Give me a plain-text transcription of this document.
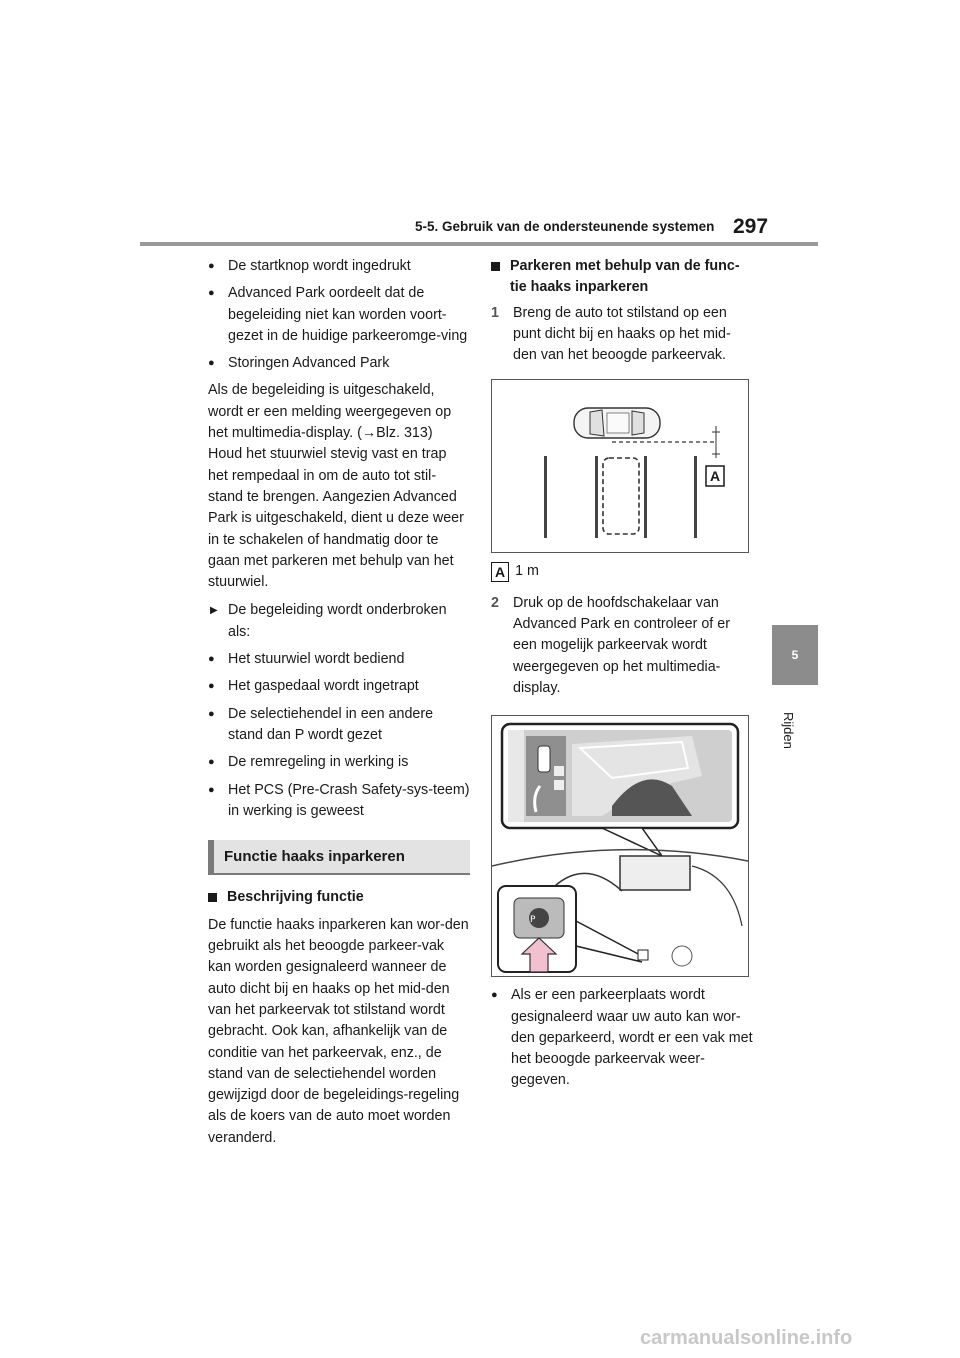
5-5. Gebruik van de ondersteunende systemen 297
5
Rijden

● De startknop wordt ingedrukt

● Advanced Park oordeelt dat de begeleiding niet kan worden voort-gezet in de huidige parkeeromge-ving

● Storingen Advanced Park

Als de begeleiding is uitgeschakeld, wordt er een melding weergegeven op het multimedia-display. (→Blz. 313) Houd het stuurwiel stevig vast en trap het rempedaal in om de auto tot stil-stand te brengen. Aangezien Advanced Park is uitgeschakeld, dient u deze weer in te schakelen of handmatig door te gaan met parkeren met behulp van het stuurwiel.

▶ De begeleiding wordt onderbroken als:

● Het stuurwiel wordt bediend

● Het gaspedaal wordt ingetrapt

● De selectiehendel in een andere stand dan P wordt gezet

● De remregeling in werking is

● Het PCS (Pre-Crash Safety-sys-teem) in werking is geweest

Functie haaks inparkeren

Beschrijving functie

De functie haaks inparkeren kan wor-den gebruikt als het beoogde parkeer-vak kan worden gesignaleerd wanneer de auto dicht bij en haaks op het mid-den van het parkeervak tot stilstand wordt gebracht. Ook kan, afhankelijk van de conditie van het parkeervak, enz., de stand van de selectiehendel worden gewijzigd door de begeleidings-regeling als de koers van de auto moet worden veranderd.

Parkeren met behulp van de func-tie haaks inparkeren

1 Breng de auto tot stilstand op een punt dicht bij en haaks op het mid-den van het beoogde parkeervak.
A
A 1 m
2 Druk op de hoofdschakelaar van Advanced Park en controleer of er een mogelijk parkeervak wordt weergegeven op het multimedia-display.
P

● Als er een parkeerplaats wordt gesignaleerd waar uw auto kan wor-den geparkeerd, wordt er een vak met het beoogde parkeervak weer-gegeven.

carmanualsonline.info
